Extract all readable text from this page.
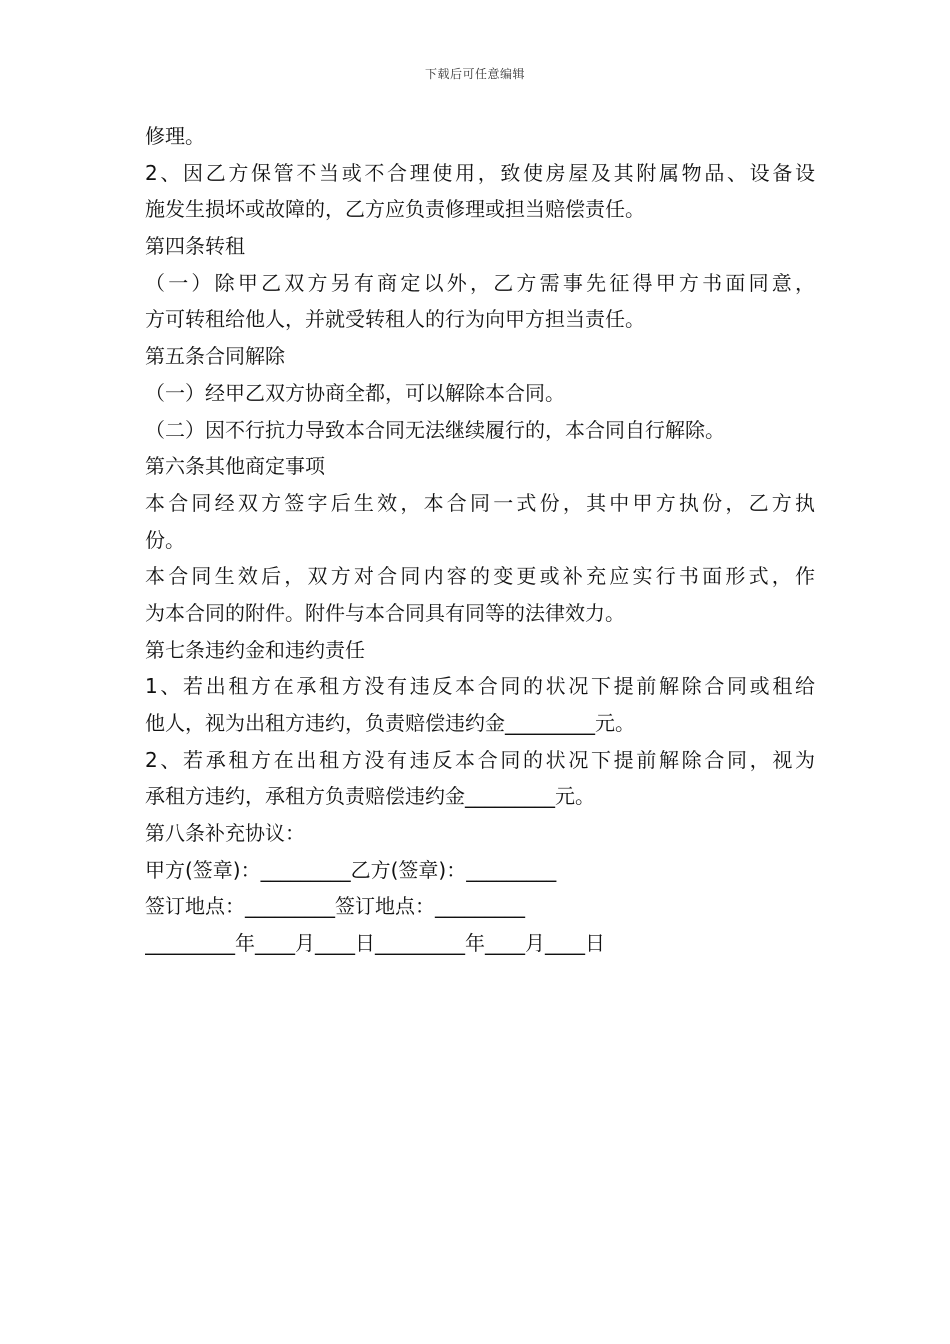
下载后可任意编辑
修理。
2、因乙方保管不当或不合理使用，致使房屋及其附属物品、设备设
施发生损坏或故障的，乙方应负责修理或担当赔偿责任。
第四条转租
（一）除甲乙双方另有商定以外，乙方需事先征得甲方书面同意，
方可转租给他人，并就受转租人的行为向甲方担当责任。
第五条合同解除
（一）经甲乙双方协商全都，可以解除本合同。
（二）因不行抗力导致本合同无法继续履行的，本合同自行解除。
第六条其他商定事项
本合同经双方签字后生效，本合同一式份，其中甲方执份，乙方执
份。
本合同生效后，双方对合同内容的变更或补充应实行书面形式，作
为本合同的附件。附件与本合同具有同等的法律效力。
第七条违约金和违约责任
1、若出租方在承租方没有违反本合同的状况下提前解除合同或租给
他人，视为出租方违约，负责赔偿违约金_________元。
2、若承租方在出租方没有违反本合同的状况下提前解除合同，视为
承租方违约，承租方负责赔偿违约金_________元。
第八条补充协议：
甲方(签章)：_________乙方(签章)：_________
签订地点：_________签订地点：_________
_________年____月____日_________年____月____日
